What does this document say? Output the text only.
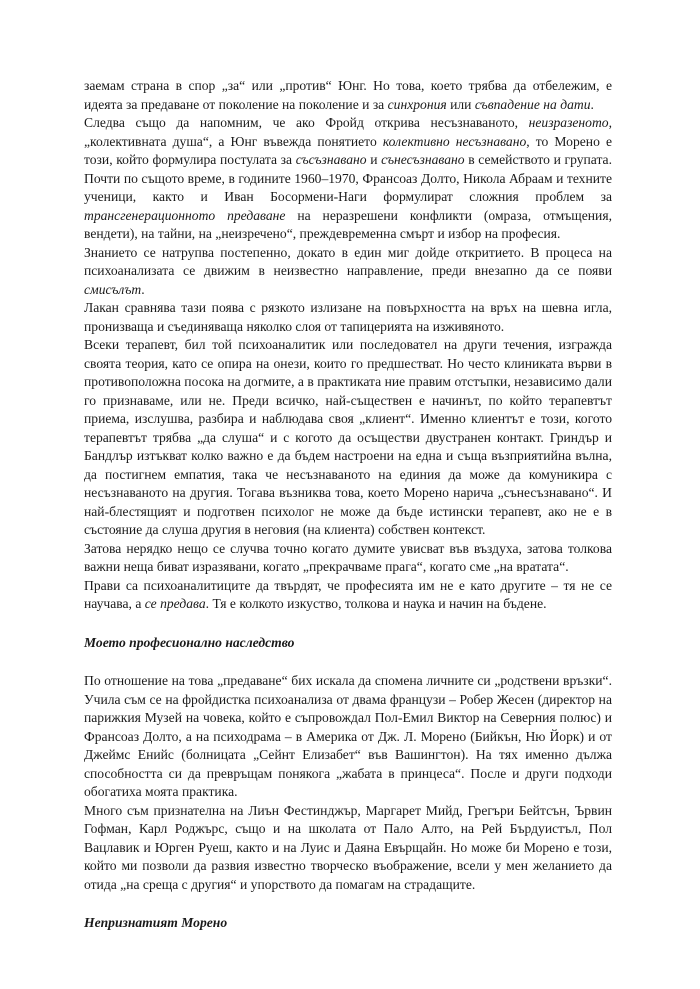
заемам страна в спор „за“ или „против“ Юнг. Но това, което трябва да отбележим, е идеята за предаване от поколение на поколение и за синхрония или съвпадение на дати.

Следва също да напомним, че ако Фройд открива несъзнаваното, неизразеното, „колективната душа“, а Юнг въвежда понятието колективно несъзнавано, то Морено е този, който формулира постулата за съсъзнавано и сънесъзнавано в семейството и групата. Почти по същото време, в годините 1960–1970, Франсоаз Долто, Никола Абраам и техните ученици, както и Иван Босормени-Наги формулират сложния проблем за трансгенерационното предаване на неразрешени конфликти (омраза, отмъщения, вендети), на тайни, на „неизречено“, преждевременна смърт и избор на професия.

Знанието се натрупва постепенно, докато в един миг дойде откритието. В процеса на психоанализата се движим в неизвестно направление, преди внезапно да се появи смисълът.

Лакан сравнява тази поява с рязкото излизане на повърхността на връх на шевна игла, пронизваща и съединяваща няколко слоя от тапицерията на изживяното.

Всеки терапевт, бил той психоаналитик или последовател на други течения, изгражда своята теория, като се опира на онези, които го предшестват. Но често клиниката върви в противоположна посока на догмите, а в практиката ние правим отстъпки, независимо дали го признаваме, или не. Преди всичко, най-съществен е начинът, по който терапевтът приема, изслушва, разбира и наблюдава своя „клиент“. Именно клиентът е този, когото терапевтът трябва „да слуша“ и с когото да осъществи двустранен контакт. Гриндър и Бандлър изтъкват колко важно е да бъдем настроени на една и съща възприятийна вълна, да постигнем емпатия, така че несъзнаваното на единия да може да комуникира с несъзнаваното на другия. Тогава възниква това, което Морено нарича „сънесъзнавано“. И най-блестящият и подготвен психолог не може да бъде истински терапевт, ако не е в състояние да слуша другия в неговия (на клиента) собствен контекст.

Затова нерядко нещо се случва точно когато думите увисват във въздуха, затова толкова важни неща биват изразявани, когато „прекрачваме прага“, когато сме „на вратата“.

Прави са психоаналитиците да твърдят, че професията им не е като другите – тя не се научава, а се предава. Тя е колкото изкуство, толкова и наука и начин на бъдене.

Моето професионално наследство

По отношение на това „предаване“ бих искала да спомена личните си „родствени връзки“. Учила съм се на фройдистка психоанализа от двама французи – Робер Жесен (директор на парижкия Музей на човека, който е съпровождал Пол-Емил Виктор на Северния полюс) и Франсоаз Долто, а на психодрама – в Америка от Дж. Л. Морено (Бийкън, Ню Йорк) и от Джеймс Енийс (болницата „Сейнт Елизабет“ във Вашингтон). На тях именно дължа способността си да превръщам понякога „жабата в принцеса“. После и други подходи обогатиха моята практика.

Много съм признателна на Лиън Фестинджър, Маргарет Мийд, Грегъри Бейтсън, Ървин Гофман, Карл Роджърс, също и на школата от Пало Алто, на Рей Бърдуистъл, Пол Вацлавик и Юрген Руеш, както и на Луис и Даяна Евърщайн. Но може би Морено е този, който ми позволи да развия известно творческо въображение, всели у мен желанието да отида „на среща с другия“ и упорството да помагам на страдащите.

Непризнатият Морено
